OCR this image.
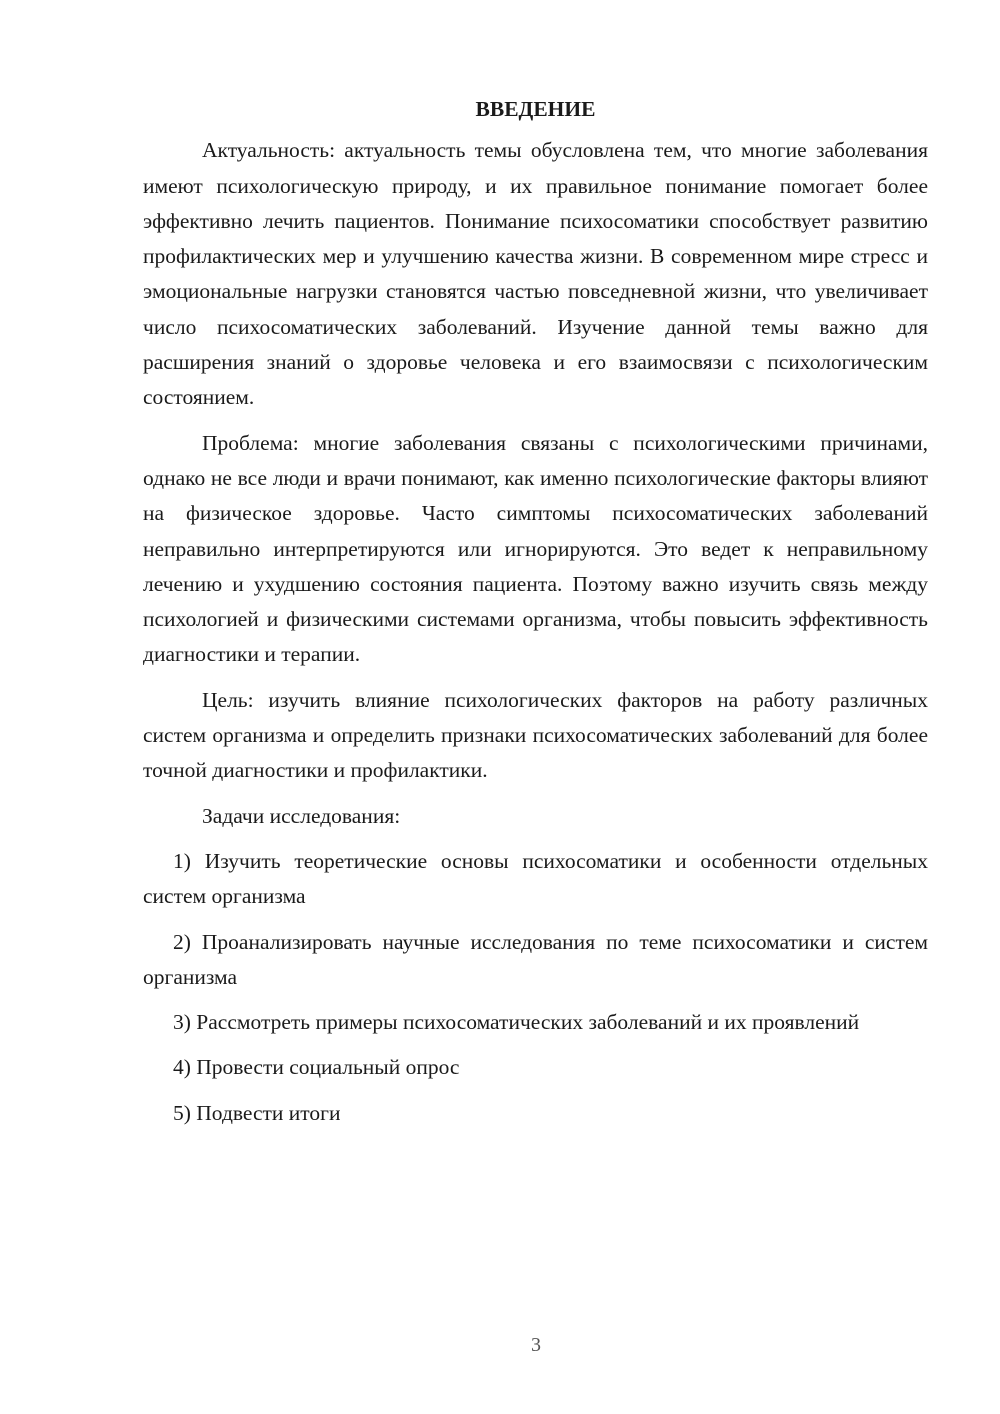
ВВЕДЕНИЕ

Актуальность: актуальность темы обусловлена тем, что многие заболевания имеют психологическую природу, и их правильное понимание помогает более эффективно лечить пациентов. Понимание психосоматики способствует развитию профилактических мер и улучшению качества жизни. В современном мире стресс и эмоциональные нагрузки становятся частью повседневной жизни, что увеличивает число психосоматических заболеваний. Изучение данной темы важно для расширения знаний о здоровье человека и его взаимосвязи с психологическим состоянием.

Проблема: многие заболевания связаны с психологическими причинами, однако не все люди и врачи понимают, как именно психологические факторы влияют на физическое здоровье. Часто симптомы психосоматических заболеваний неправильно интерпретируются или игнорируются. Это ведет к неправильному лечению и ухудшению состояния пациента. Поэтому важно изучить связь между психологией и физическими системами организма, чтобы повысить эффективность диагностики и терапии.

Цель: изучить влияние психологических факторов на работу различных систем организма и определить признаки психосоматических заболеваний для более точной диагностики и профилактики.

Задачи исследования:

1) Изучить теоретические основы психосоматики и особенности отдельных систем организма

2) Проанализировать научные исследования по теме психосоматики и систем организма

3) Рассмотреть примеры психосоматических заболеваний и их проявлений

4) Провести социальный опрос

5) Подвести итоги

3
